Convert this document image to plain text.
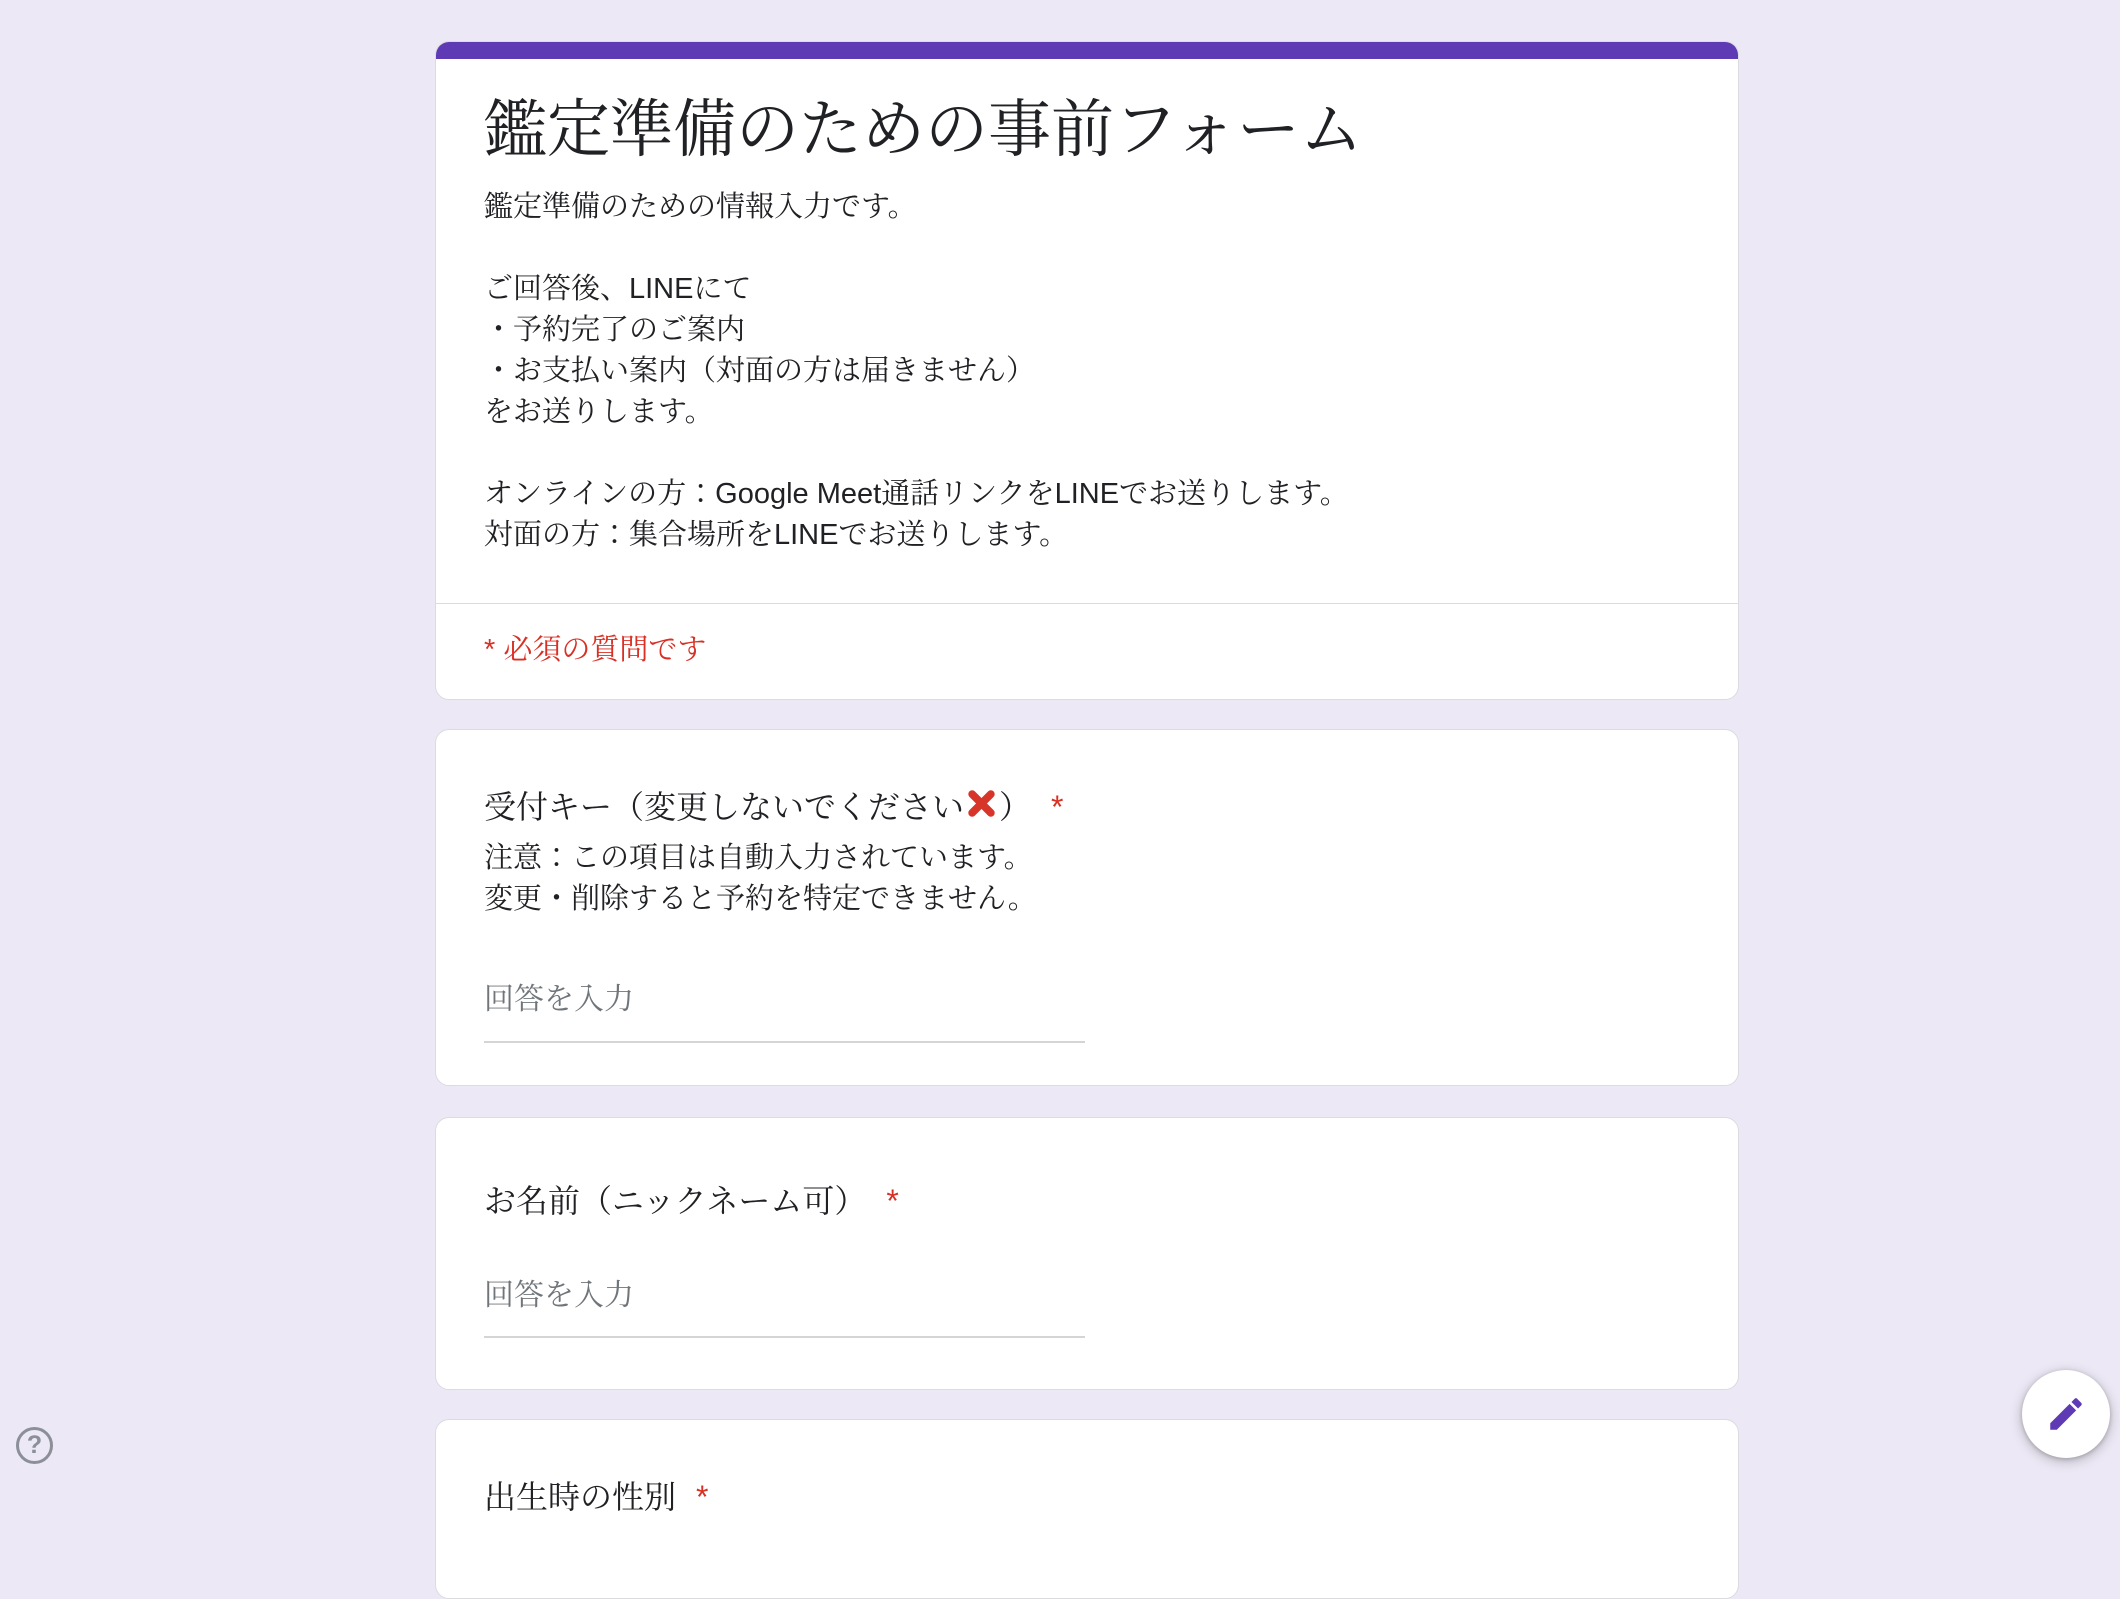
鑑定準備のための事前フォーム
鑑定準備のための情報入力です。

ご回答後、LINEにて
・予約完了のご案内
・お支払い案内（対面の方は届きません）
をお送りします。

オンラインの方：Google Meet通話リンクをLINEでお送りします。
対面の方：集合場所をLINEでお送りします。
* 必須の質問です
受付キー（変更しないでください ） *
注意：この項目は自動入力されています。
変更・削除すると予約を特定できません。
回答を入力
お名前（ニックネーム可） *
回答を入力
出生時の性別 *
?
